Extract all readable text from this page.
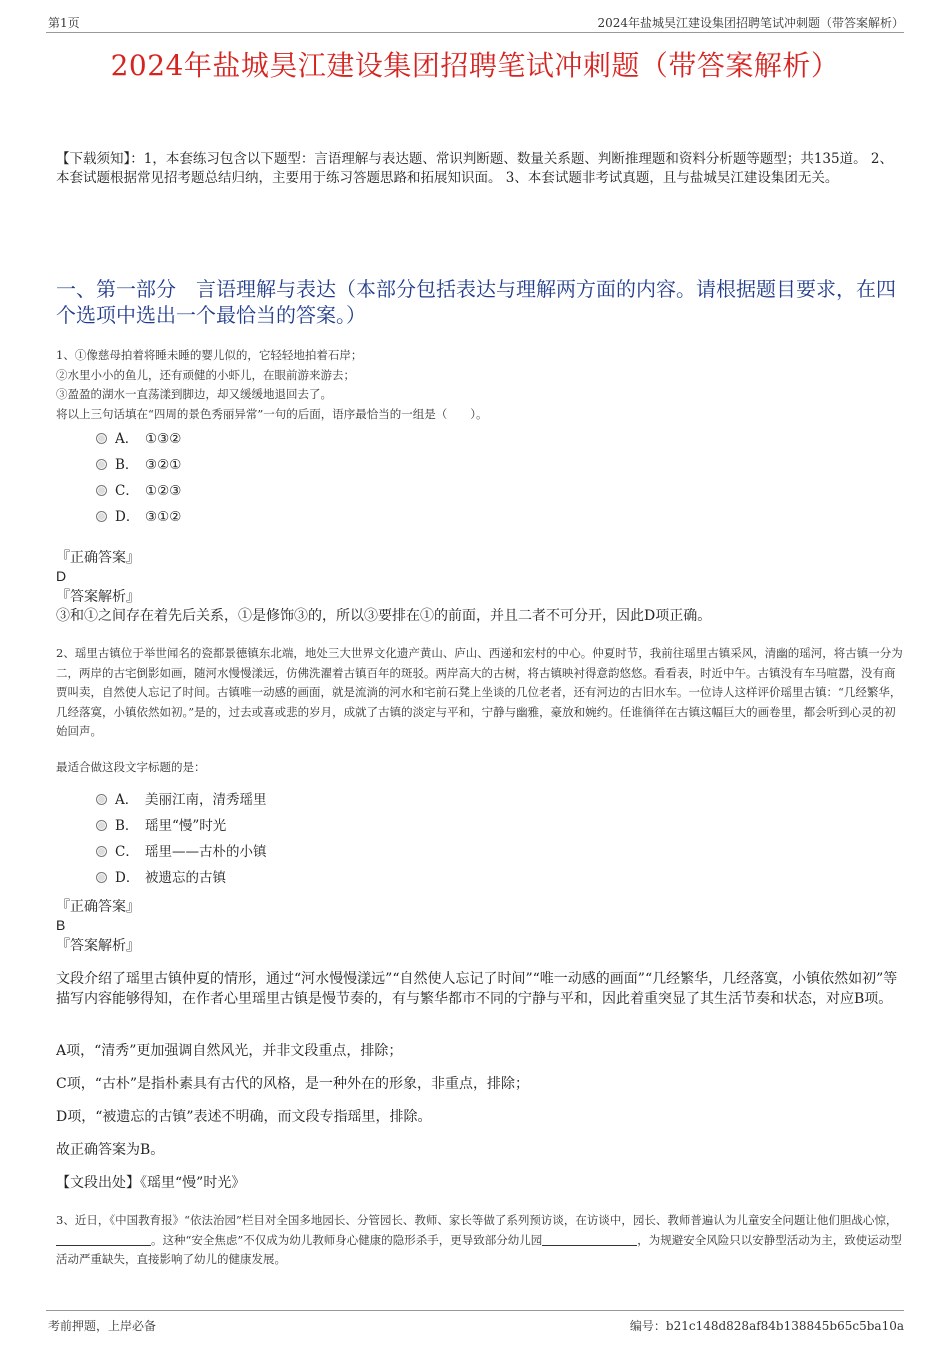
第1页	2024年盐城昊江建设集团招聘笔试冲刺题（带答案解析）
2024年盐城昊江建设集团招聘笔试冲刺题（带答案解析）
【下载须知】：1，本套练习包含以下题型：言语理解与表达题、常识判断题、数量关系题、判断推理题和资料分析题等题型；共135道。 2、本套试题根据常见招考题总结归纳，主要用于练习答题思路和拓展知识面。 3、本套试题非考试真题，且与盐城昊江建设集团无关。
一、第一部分　言语理解与表达（本部分包括表达与理解两方面的内容。请根据题目要求，在四个选项中选出一个最恰当的答案。）

1、①像慈母拍着将睡未睡的婴儿似的，它轻轻地拍着石岸；

②水里小小的鱼儿，还有顽健的小虾儿，在眼前游来游去；

③盈盈的湖水一直荡漾到脚边，却又缓缓地退回去了。

将以上三句话填在“四周的景色秀丽异常”一句的后面，语序最恰当的一组是（　　）。

A． ①③②
B． ③②①
C． ①②③
D． ③①②
『正确答案』
D
『答案解析』
③和①之间存在着先后关系，①是修饰③的，所以③要排在①的前面，并且二者不可分开，因此D项正确。
2、瑶里古镇位于举世闻名的瓷都景德镇东北端，地处三大世界文化遗产黄山、庐山、西递和宏村的中心。仲夏时节，我前往瑶里古镇采风，清幽的瑶河，将古镇一分为二，两岸的古宅倒影如画，随河水慢慢漾远，仿佛洗濯着古镇百年的斑驳。两岸高大的古树，将古镇映衬得意韵悠悠。看看表，时近中午。古镇没有车马喧嚣，没有商贾叫卖，自然使人忘记了时间。古镇唯一动感的画面，就是流淌的河水和宅前石凳上坐谈的几位老者，还有河边的古旧水车。一位诗人这样评价瑶里古镇：“几经繁华，几经落寞，小镇依然如初。”是的，过去或喜或悲的岁月，成就了古镇的淡定与平和，宁静与幽雅，豪放和婉约。任谁徜徉在古镇这幅巨大的画卷里，都会听到心灵的初始回声。
最适合做这段文字标题的是：
A． 美丽江南，清秀瑶里
B． 瑶里“慢”时光
C． 瑶里——古朴的小镇
D． 被遗忘的古镇
『正确答案』
B
『答案解析』
文段介绍了瑶里古镇仲夏的情形，通过“河水慢慢漾远”“自然使人忘记了时间”“唯一动感的画面”“几经繁华，几经落寞，小镇依然如初”等描写内容能够得知，在作者心里瑶里古镇是慢节奏的，有与繁华都市不同的宁静与平和，因此着重突显了其生活节奏和状态，对应B项。
A项，“清秀”更加强调自然风光，并非文段重点，排除；
C项，“古朴”是指朴素具有古代的风格，是一种外在的形象，非重点，排除；
D项，“被遗忘的古镇”表述不明确，而文段专指瑶里，排除。
故正确答案为B。
【文段出处】《瑶里“慢”时光》
3、近日，《中国教育报》“依法治园”栏目对全国多地园长、分管园长、教师、家长等做了系列预访谈，在访谈中，园长、教师普遍认为儿童安全问题让他们胆战心惊，。这种“安全焦虑”不仅成为幼儿教师身心健康的隐形杀手，更导致部分幼儿园	，为规避安全风险只以安静型活动为主，致使运动型活动严重缺失，直接影响了幼儿的健康发展。
考前押题，上岸必备	编号：b21c148d828af84b138845b65c5ba10a
